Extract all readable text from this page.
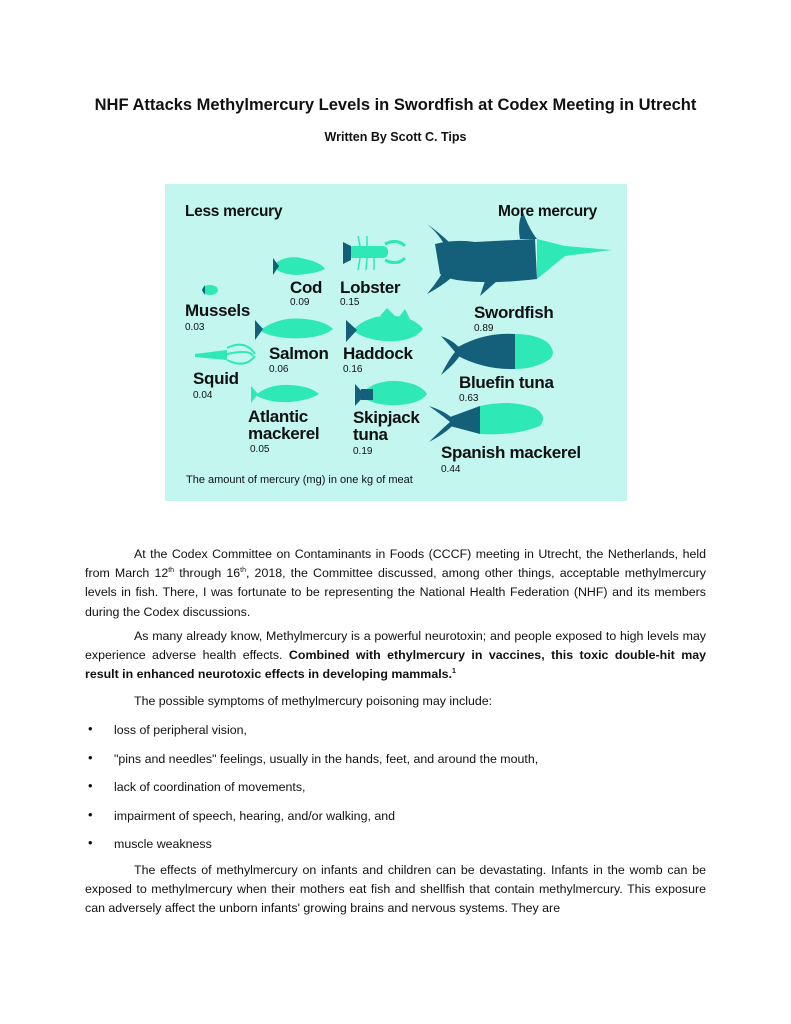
NHF Attacks Methylmercury Levels in Swordfish at Codex Meeting in Utrecht
Written By Scott C. Tips
Less mercury	More mercury
Mussels
0.03
Squid
0.04
Atlantic
mackerel
0.05
Salmon
0.06
Cod
0.09
Lobster
0.15
Haddock
0.16
Skipjack
tuna
0.19	Spanish mackerel
0.44
Bluefin tuna
0.63
Swordfish
0.89
The amount of mercury (mg) in one kg of meat
At the Codex Committee on Contaminants in Foods (CCCF) meeting in Utrecht, the Netherlands, held from March 12th through 16th, 2018, the Committee discussed, among other things, acceptable methylmercury levels in fish. There, I was fortunate to be representing the National Health Federation (NHF) and its members during the Codex discussions.
As many already know, Methylmercury is a powerful neurotoxin; and people exposed to high levels may experience adverse health effects. Combined with ethylmercury in vaccines, this toxic double-hit may result in enhanced neurotoxic effects in developing mammals.$^1$
The possible symptoms of methylmercury poisoning may include:
• loss of peripheral vision,
• "pins and needles" feelings, usually in the hands, feet, and around the mouth,
• lack of coordination of movements,
• impairment of speech, hearing, and/or walking, and
• muscle weakness
The effects of methylmercury on infants and children can be devastating. Infants in the womb can be exposed to methylmercury when their mothers eat fish and shellfish that contain methylmercury. This exposure can adversely affect the unborn infants' growing brains and nervous systems. They are
